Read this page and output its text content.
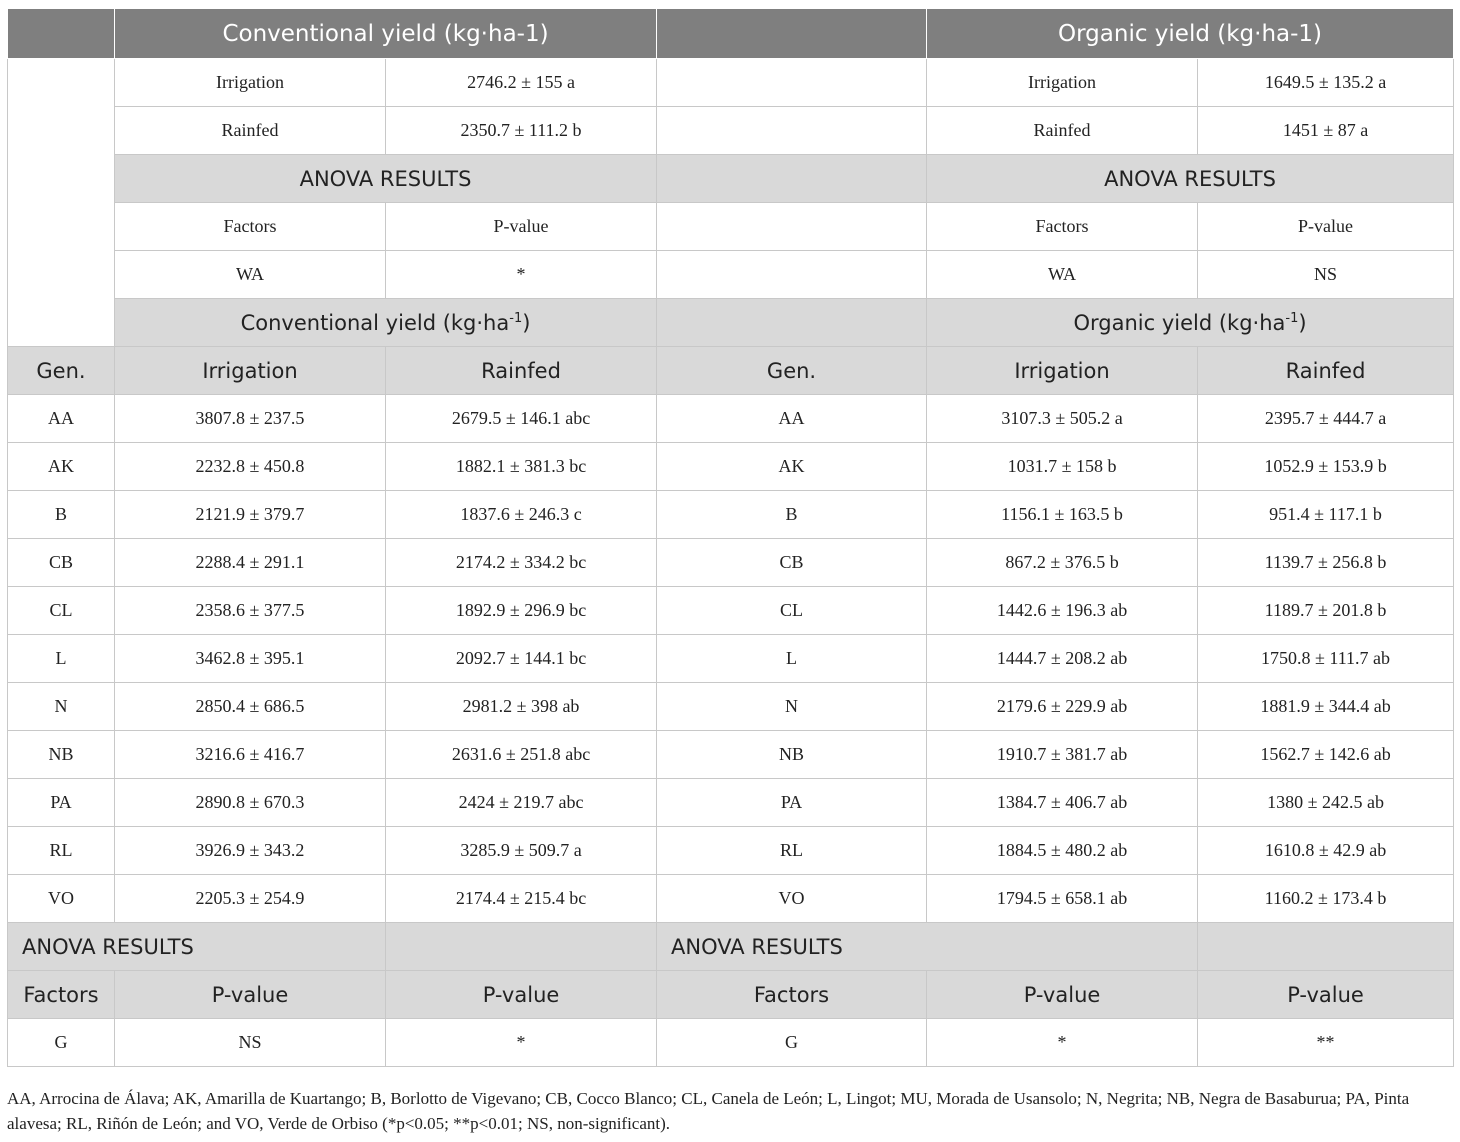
	Conventional yield (kg·ha-1)			Organic yield (kg·ha-1)	
	Irrigation	2746.2 ± 155 a		Irrigation	1649.5 ± 135.2 a
	Rainfed	2350.7 ± 111.2 b		Rainfed	1451 ± 87 a
	ANOVA RESULTS			ANOVA RESULTS	
	Factors	P-value		Factors	P-value
	WA	*		WA	NS
	Conventional yield $(kg\cdot ha^{-1})$			Organic yield $(kg\cdot ha^{-1})$	
Gen.	Irrigation	Rainfed	Gen.	Irrigation	Rainfed
AA	3807.8 ± 237.5	2679.5 ± 146.1 abc	AA	3107.3 ± 505.2 a	2395.7 ± 444.7 a
AK	2232.8 ± 450.8	1882.1 ± 381.3 bc	AK	1031.7 ± 158 b	1052.9 ± 153.9 b
B	2121.9 ± 379.7	1837.6 ± 246.3 c	B	1156.1 ± 163.5 b	951.4 ± 117.1 b
CB	2288.4 ± 291.1	2174.2 ± 334.2 bc	CB	867.2 ± 376.5 b	1139.7 ± 256.8 b
CL	2358.6 ± 377.5	1892.9 ± 296.9 bc	CL	1442.6 ± 196.3 ab	1189.7 ± 201.8 b
L	3462.8 ± 395.1	2092.7 ± 144.1 bc	L	1444.7 ± 208.2 ab	1750.8 ± 111.7 ab
N	2850.4 ± 686.5	2981.2 ± 398 ab	N	2179.6 ± 229.9 ab	1881.9 ± 344.4 ab
NB	3216.6 ± 416.7	2631.6 ± 251.8 abc	NB	1910.7 ± 381.7 ab	1562.7 ± 142.6 ab
PA	2890.8 ± 670.3	2424 ± 219.7 abc	PA	1384.7 ± 406.7 ab	1380 ± 242.5 ab
RL	3926.9 ± 343.2	3285.9 ± 509.7 a	RL	1884.5 ± 480.2 ab	1610.8 ± 42.9 ab
VO	2205.3 ± 254.9	2174.4 ± 215.4 bc	VO	1794.5 ± 658.1 ab	1160.2 ± 173.4 b
ANOVA RESULTS			ANOVA RESULTS		
Factors	P-value	P-value	Factors	P-value	P-value
G	NS	*	G	*	**
AA, Arrocina de Álava; AK, Amarilla de Kuartango; B, Borlotto de Vigevano; CB, Cocco Blanco; CL, Canela de León; L, Lingot; MU, Morada de Usansolo; N, Negrita; NB, Negra de Basaburua; PA, Pinta alavesa; RL, Riñón de León; and VO, Verde de Orbiso (*p<0.05; **p<0.01; NS, non-significant).
